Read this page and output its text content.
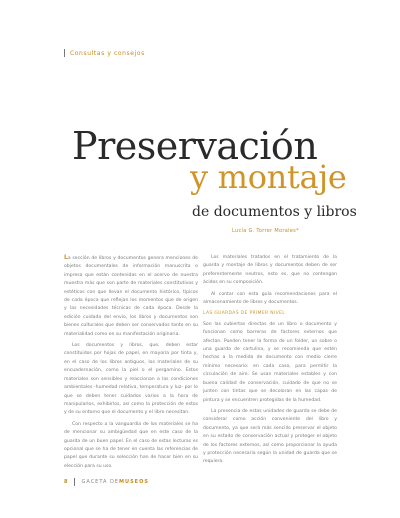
Consultas y consejos
Preservación
y montaje
de documentos y libros
Lucía G. Torrer Morales*

La sección de libros y documentos genera menciones de objetos documentales de información manuscrita o impresa que están contenidas en el acervo de nuestra muestra más que son parte de materiales constitutivos y estéticos con que llevan el documento histórico, típicos de cada época que reflejan los momentos que de origen y las necesidades técnicas de cada época. Desde la edición cuidada del envío, los libros y documentos son bienes culturales que deben ser conservados tanto en su materialidad como en su manifestación originaria.

Los documentos y libros, que, deben estar constituidos por hojas de papel, en mayoría por tinta y, en el caso de los libros antiguos, los materiales de su encuadernación, como la piel o el pergamino. Estos materiales son sensibles y reaccionan a las condiciones ambientales -humedad relativa, temperatura y luz- por lo que se deben tener cuidados varios a la hora de manipularlos, exhibirlos, así como la protección de estos y de su entorno que el documento y el libro necesitan.

Con respecto a la vanguardia de los materiales se ha de mencionar su ambigüedad que en este caso de la guarda de un buen papel. En el caso de estas lecturas es opcional que se ha de tener en cuenta las referencias de papel que durante su selección han de hacer bien en su elección para su uso.

Los materiales tratados en el tratamiento de la guarda y montaje de libros y documentos deben de ser preferentemente neutros, esto es, que no contengan ácidos en su composición.

Al contar con esta guía recomendaciones para el almacenamiento de libros y documentos.

LAS GUARDAS DE PRIMER NIVEL

Son las cubiertas directas de un libro o documento y funcionan como barreras de factores externos que afectan. Pueden tener la forma de un folder, un sobre o una guarda de cartulina, y se recomienda que estén hechas a la medida de documento con medio cierre mínimo necesario: en cada caso, para permitir la circulación de aire. Se usan materiales estables y con buena calidad de conservación, cuidado de que no se junten con tintas que se decoloran en las capas de pintura y se encuentren protegidas de la humedad.

La presencia de estas unidades de guarda se debe de considerar como acción conveniente del libro y documento, ya que será más sencillo preservar el objeto en su estado de conservación actual y proteger el objeto de los factores externos, así como proporcionar la ayuda y protección necesaria según la unidad de guarda que se requiera.

8	GACETA DEMUSEOS
